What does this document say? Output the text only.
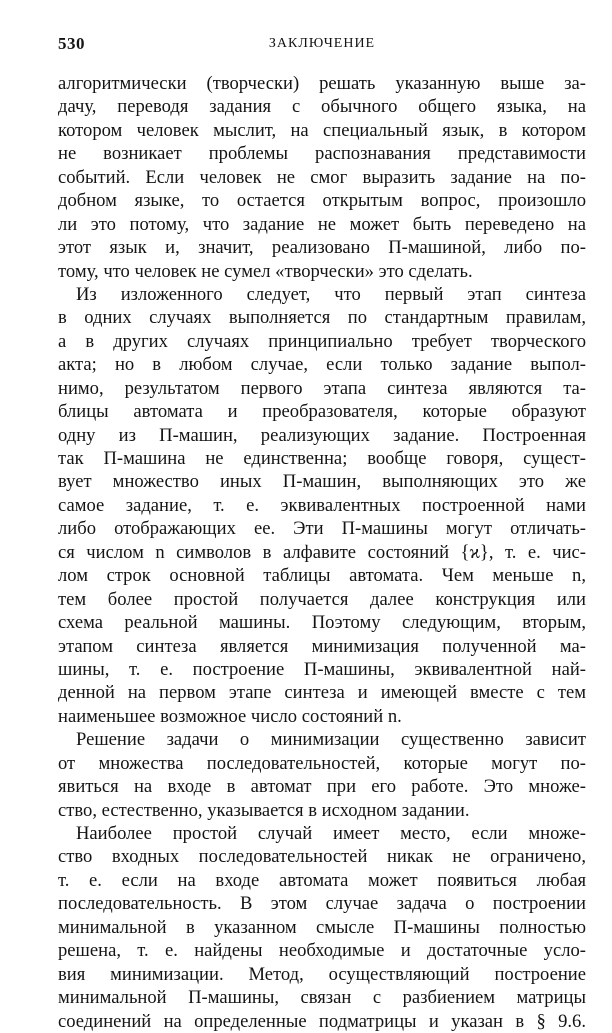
530	ЗАКЛЮЧЕНИЕ
алгоритмически (творчески) решать указанную выше за-
дачу, переводя задания с обычного общего языка, на
котором человек мыслит, на специальный язык, в котором
не возникает проблемы распознавания представимости
событий. Если человек не смог выразить задание на по-
добном языке, то остается открытым вопрос, произошло
ли это потому, что задание не может быть переведено на
этот язык и, значит, реализовано П-машиной, либо по-
тому, что человек не сумел «творчески» это сделать.
Из изложенного следует, что первый этап синтеза
в одних случаях выполняется по стандартным правилам,
а в других случаях принципиально требует творческого
акта; но в любом случае, если только задание выпол-
нимо, результатом первого этапа синтеза являются та-
блицы автомата и преобразователя, которые образуют
одну из П-машин, реализующих задание. Построенная
так П-машина не единственна; вообще говоря, сущест-
вует множество иных П-машин, выполняющих это же
самое задание, т. е. эквивалентных построенной нами
либо отображающих ее. Эти П-машины могут отличать-
ся числом n символов в алфавите состояний {ϰ}, т. е. чис-
лом строк основной таблицы автомата. Чем меньше n,
тем более простой получается далее конструкция или
схема реальной машины. Поэтому следующим, вторым,
этапом синтеза является минимизация полученной ма-
шины, т. е. построение П-машины, эквивалентной най-
денной на первом этапе синтеза и имеющей вместе с тем
наименьшее возможное число состояний n.
Решение задачи о минимизации существенно зависит
от множества последовательностей, которые могут по-
явиться на входе в автомат при его работе. Это множе-
ство, естественно, указывается в исходном задании.
Наиболее простой случай имеет место, если множе-
ство входных последовательностей никак не ограничено,
т. е. если на входе автомата может появиться любая
последовательность. В этом случае задача о построении
минимальной в указанном смысле П-машины полностью
решена, т. е. найдены необходимые и достаточные усло-
вия минимизации. Метод, осуществляющий построение
минимальной П-машины, связан с разбиением матрицы
соединений на определенные подматрицы и указан в § 9.6.
